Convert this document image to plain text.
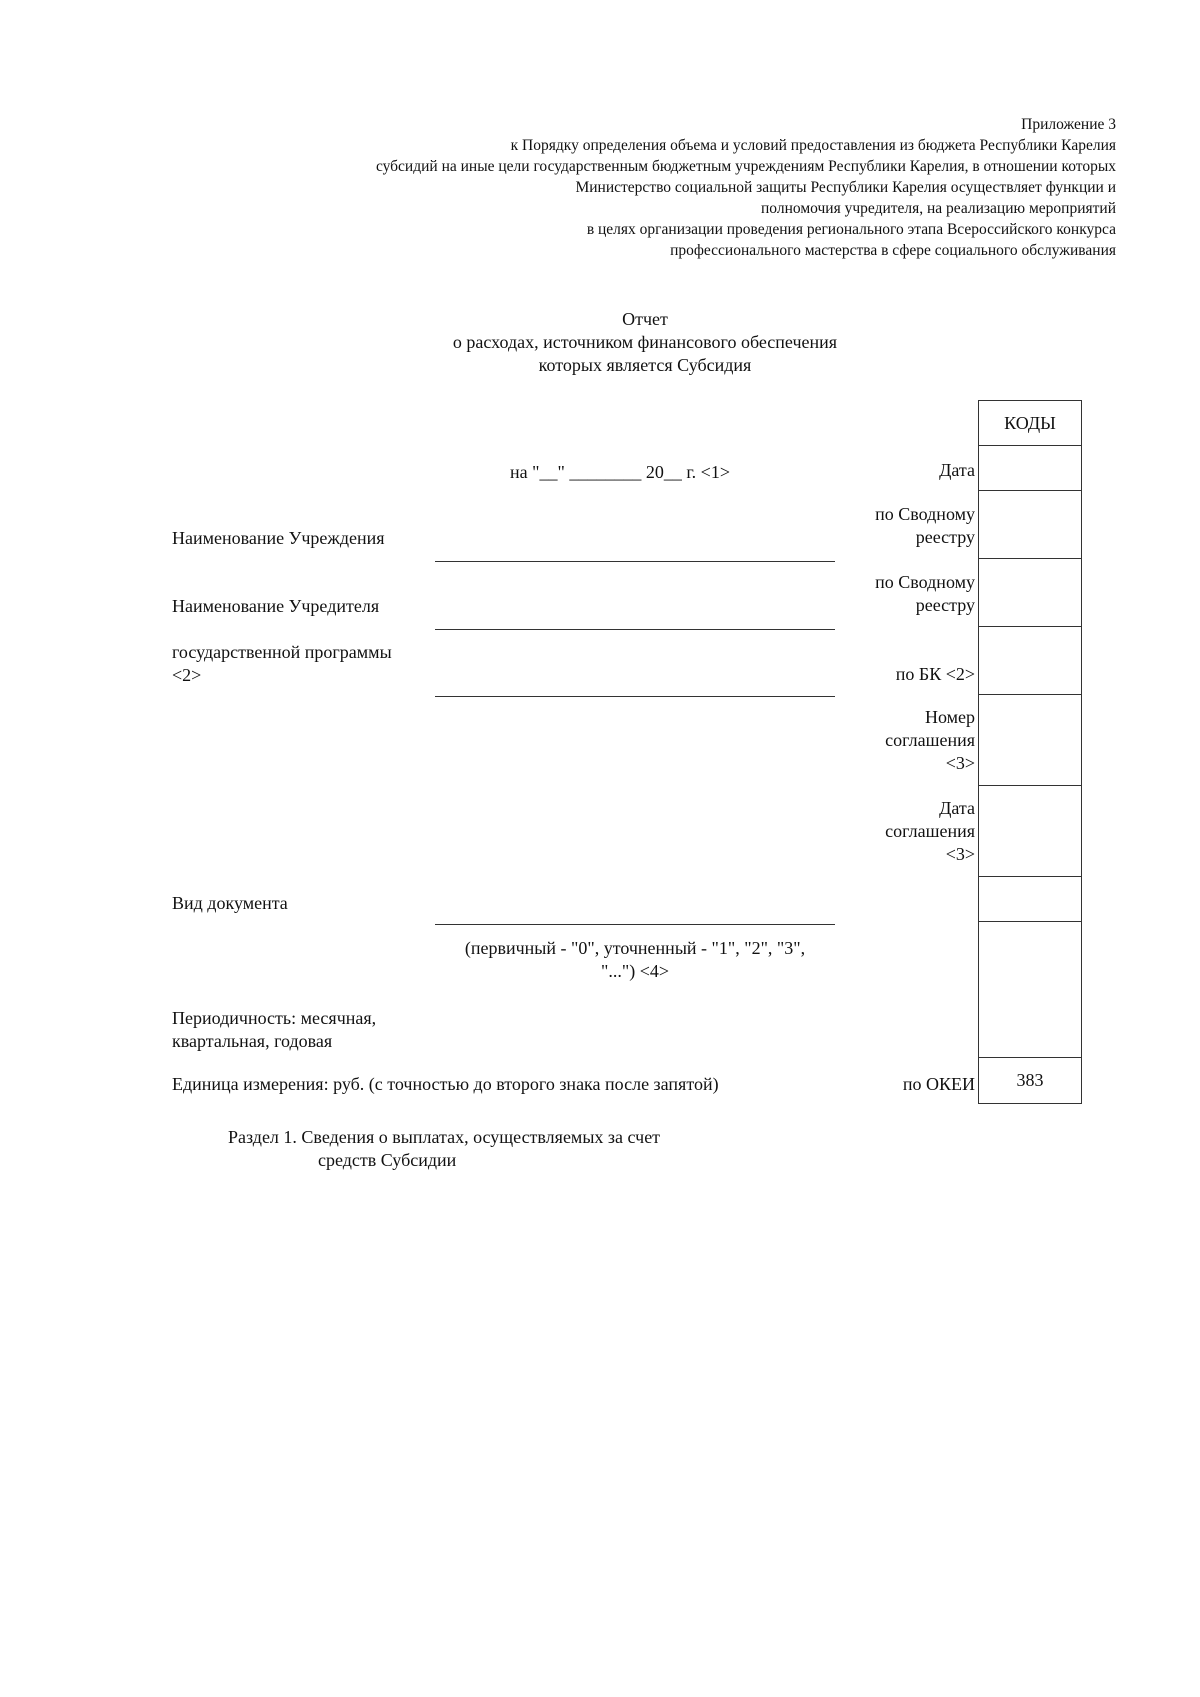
Приложение 3
к Порядку определения объема и условий предоставления из бюджета Республики Карелия
субсидий на иные цели государственным бюджетным учреждениям Республики Карелия, в отношении которых
Министерство социальной защиты Республики Карелия осуществляет функции и
полномочия учредителя, на реализацию мероприятий
в целях организации проведения регионального этапа Всероссийского конкурса
профессионального мастерства в сфере социального обслуживания
Отчет
о расходах, источником финансового обеспечения
которых является Субсидия
на "__" ________ 20__ г. <1>
Наименование Учреждения
Наименование Учредителя
государственной программы
<2>
Вид документа
(первичный - "0", уточненный - "1", "2", "3",
"...") <4>
Периодичность: месячная,
квартальная, годовая
Единица измерения: руб. (с точностью до второго знака после запятой)
Дата
по Сводному
реестру
по Сводному
реестру
по БК <2>
Номер
соглашения
<3>
Дата
соглашения
<3>
по ОКЕИ
КОДЫ
383
Раздел 1. Сведения о выплатах, осуществляемых за счет
средств Субсидии
